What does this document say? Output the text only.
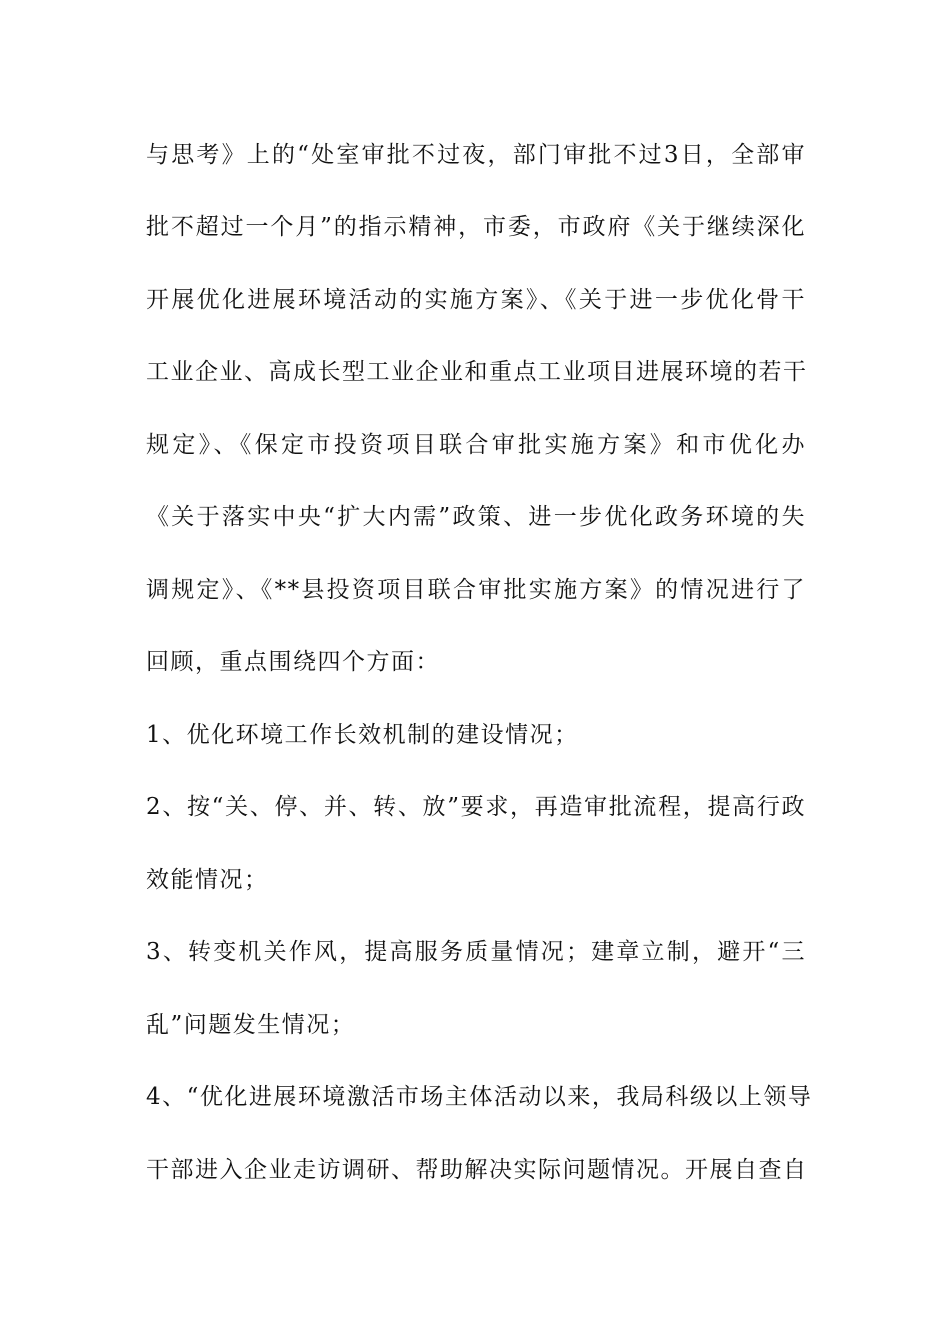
与思考》上的“处室审批不过夜，部门审批不过3日，全部审
批不超过一个月”的指示精神，市委，市政府《关于继续深化
开展优化进展环境活动的实施方案》、《关于进一步优化骨干
工业企业、高成长型工业企业和重点工业项目进展环境的若干
规定》、《保定市投资项目联合审批实施方案》和市优化办
《关于落实中央“扩大内需”政策、进一步优化政务环境的失
调规定》、《**县投资项目联合审批实施方案》的情况进行了
回顾，重点围绕四个方面：
1、优化环境工作长效机制的建设情况；
2、按“关、停、并、转、放”要求，再造审批流程，提高行政
效能情况；
3、转变机关作风，提高服务质量情况；建章立制，避开“三
乱”问题发生情况；
4、“优化进展环境激活市场主体活动以来，我局科级以上领导
干部进入企业走访调研、帮助解决实际问题情况。开展自查自
